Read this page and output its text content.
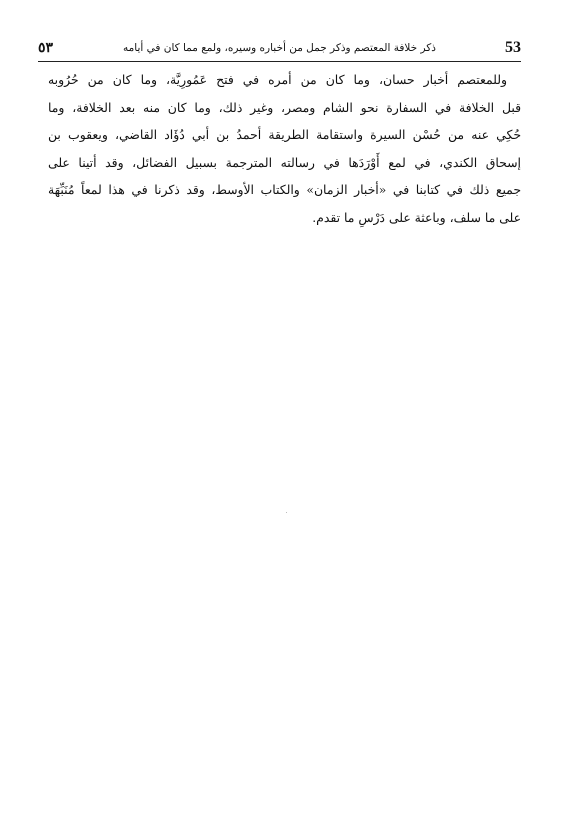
٥٣	ذكر خلافة المعتصم وذكر جمل من أخباره وسيره، ولمع مما كان في أيامه	53
وللمعتصم أخبار حسان، وما كان من أمره في فتح عَمُورِيَّة، وما كان من حُرُوبه
قبل الخلافة في السفارة نحو الشام ومصر، وغير ذلك، وما كان منه بعد الخلافة، وما
حُكِي عنه من حُسْن السيرة واستقامة الطريقة أحمدُ بن أبي دُؤَاد القاضي، ويعقوب بن
إسحاق الكندي، في لمع أَوْرَدَها في رسالته المترجمة بسبيل الفضائل، وقد أتينا على
جميع ذلك في كتابنا في «أخبار الزمان» والكتاب الأوسط، وقد ذكرنا في هذا لمعاً مُنَبِّهَة
على ما سلف، وباعثة على دَرْسِ ما تقدم.
